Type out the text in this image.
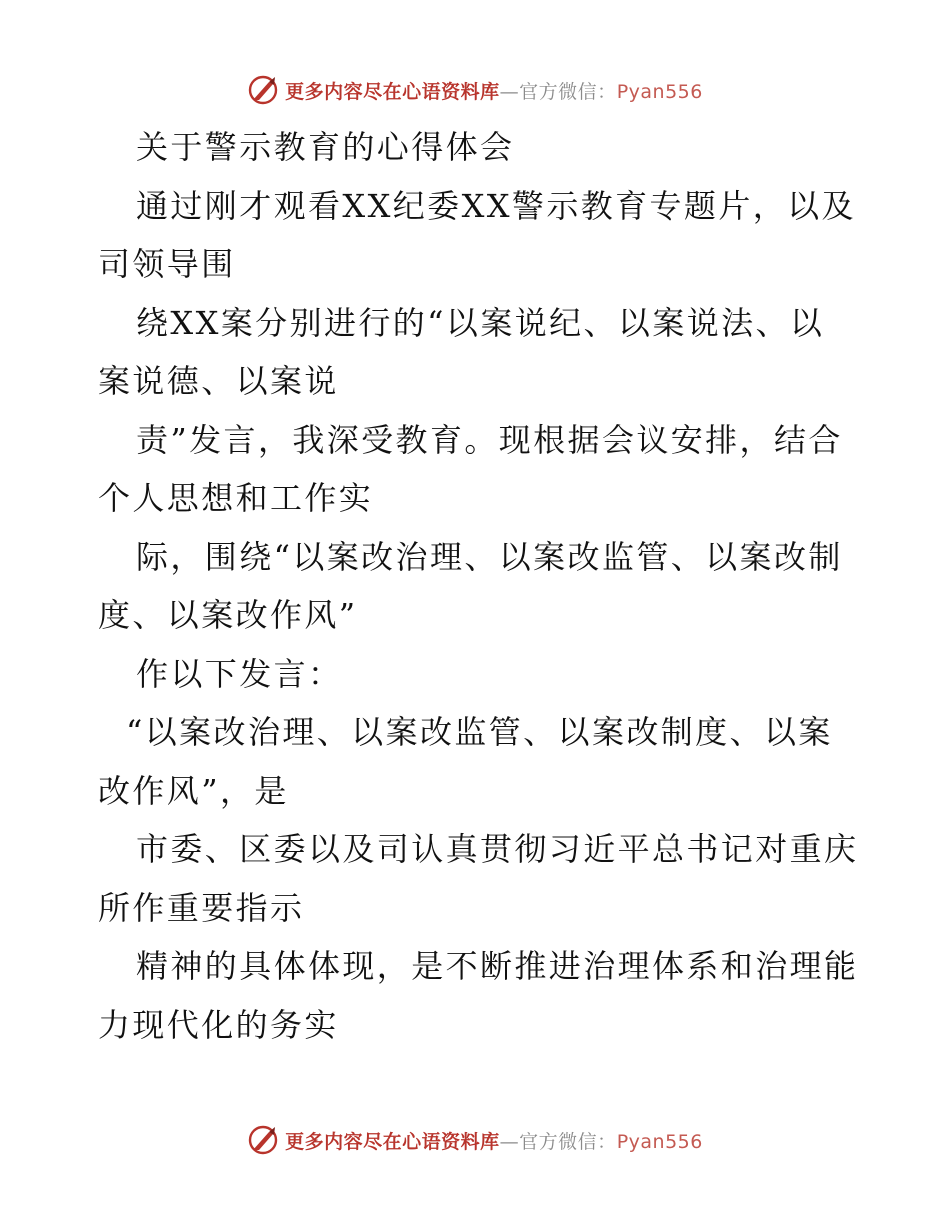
更多内容尽在心语资料库—官方微信：Pyan556
关于警示教育的心得体会
通过刚才观看XX纪委XX警示教育专题片，以及
司领导围
绕XX案分别进行的“以案说纪、以案说法、以
案说德、以案说
责”发言，我深受教育。现根据会议安排，结合
个人思想和工作实
际，围绕“以案改治理、以案改监管、以案改制
度、以案改作风”
作以下发言：
“以案改治理、以案改监管、以案改制度、以案
改作风”，是
市委、区委以及司认真贯彻习近平总书记对重庆
所作重要指示
精神的具体体现，是不断推进治理体系和治理能
力现代化的务实
更多内容尽在心语资料库—官方微信：Pyan556
